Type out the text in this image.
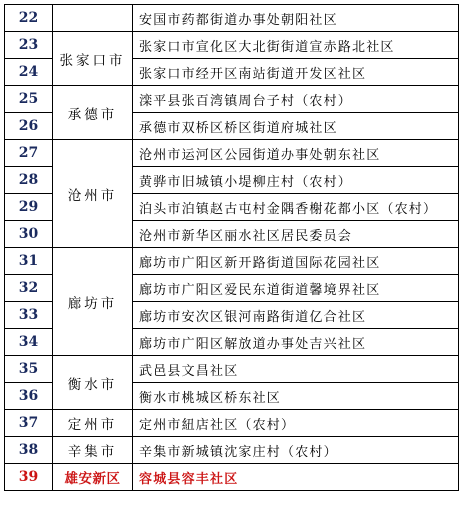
22		安国市药都街道办事处朝阳社区
23	张家口市	张家口市宣化区大北街街道宣赤路北社区
24		张家口市经开区南站街道开发区社区
25	承德市	滦平县张百湾镇周台子村（农村）
26		承德市双桥区桥区街道府城社区
27	沧州市	沧州市运河区公园街道办事处朝东社区
28		黄骅市旧城镇小堤柳庄村（农村）
29		泊头市泊镇赵古屯村金隅香榭花都小区（农村）
30		沧州市新华区丽水社区居民委员会
31	廊坊市	廊坊市广阳区新开路街道国际花园社区
32		廊坊市广阳区爱民东道街道馨境界社区
33		廊坊市安次区银河南路街道亿合社区
34		廊坊市广阳区解放道办事处吉兴社区
35	衡水市	武邑县文昌社区
36		衡水市桃城区桥东社区
37	定州市	定州市紐店社区（农村）
38	辛集市	辛集市新城镇沈家庄村（农村）
39	雄安新区	容城县容丰社区
